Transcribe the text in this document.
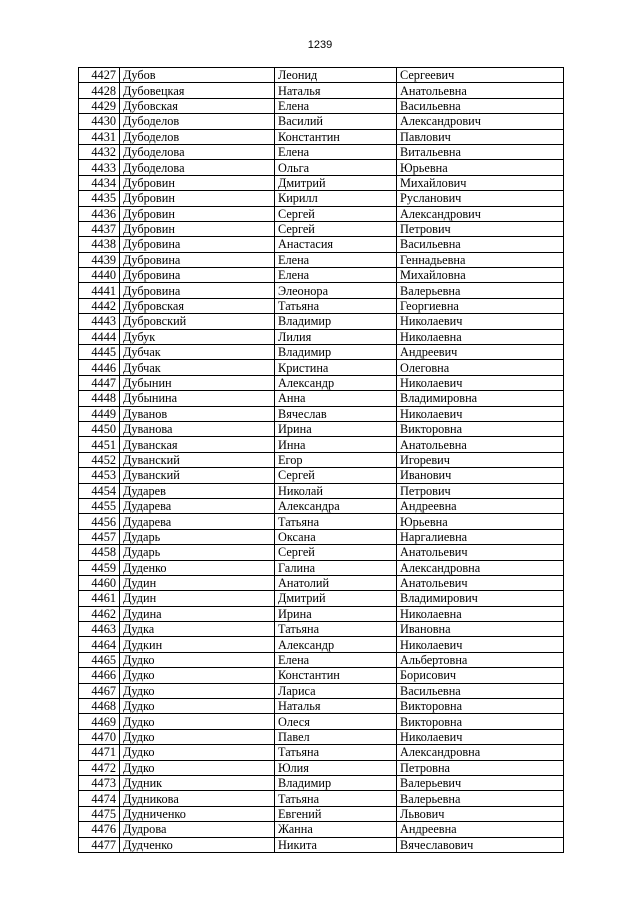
1239
4427	Дубов	Леонид	Сергеевич
4428	Дубовецкая	Наталья	Анатольевна
4429	Дубовская	Елена	Васильевна
4430	Дубоделов	Василий	Александрович
4431	Дубоделов	Константин	Павлович
4432	Дубоделова	Елена	Витальевна
4433	Дубоделова	Ольга	Юрьевна
4434	Дубровин	Дмитрий	Михайлович
4435	Дубровин	Кирилл	Русланович
4436	Дубровин	Сергей	Александрович
4437	Дубровин	Сергей	Петрович
4438	Дубровина	Анастасия	Васильевна
4439	Дубровина	Елена	Геннадьевна
4440	Дубровина	Елена	Михайловна
4441	Дубровина	Элеонора	Валерьевна
4442	Дубровская	Татьяна	Георгиевна
4443	Дубровский	Владимир	Николаевич
4444	Дубук	Лилия	Николаевна
4445	Дубчак	Владимир	Андреевич
4446	Дубчак	Кристина	Олеговна
4447	Дубынин	Александр	Николаевич
4448	Дубынина	Анна	Владимировна
4449	Дуванов	Вячеслав	Николаевич
4450	Дуванова	Ирина	Викторовна
4451	Дуванская	Инна	Анатольевна
4452	Дуванский	Егор	Игоревич
4453	Дуванский	Сергей	Иванович
4454	Дударев	Николай	Петрович
4455	Дударева	Александра	Андреевна
4456	Дударева	Татьяна	Юрьевна
4457	Дударь	Оксана	Наргалиевна
4458	Дударь	Сергей	Анатольевич
4459	Дуденко	Галина	Александровна
4460	Дудин	Анатолий	Анатольевич
4461	Дудин	Дмитрий	Владимирович
4462	Дудина	Ирина	Николаевна
4463	Дудка	Татьяна	Ивановна
4464	Дудкин	Александр	Николаевич
4465	Дудко	Елена	Альбертовна
4466	Дудко	Константин	Борисович
4467	Дудко	Лариса	Васильевна
4468	Дудко	Наталья	Викторовна
4469	Дудко	Олеся	Викторовна
4470	Дудко	Павел	Николаевич
4471	Дудко	Татьяна	Александровна
4472	Дудко	Юлия	Петровна
4473	Дудник	Владимир	Валерьевич
4474	Дудникова	Татьяна	Валерьевна
4475	Дудниченко	Евгений	Львович
4476	Дудрова	Жанна	Андреевна
4477	Дудченко	Никита	Вячеславович
